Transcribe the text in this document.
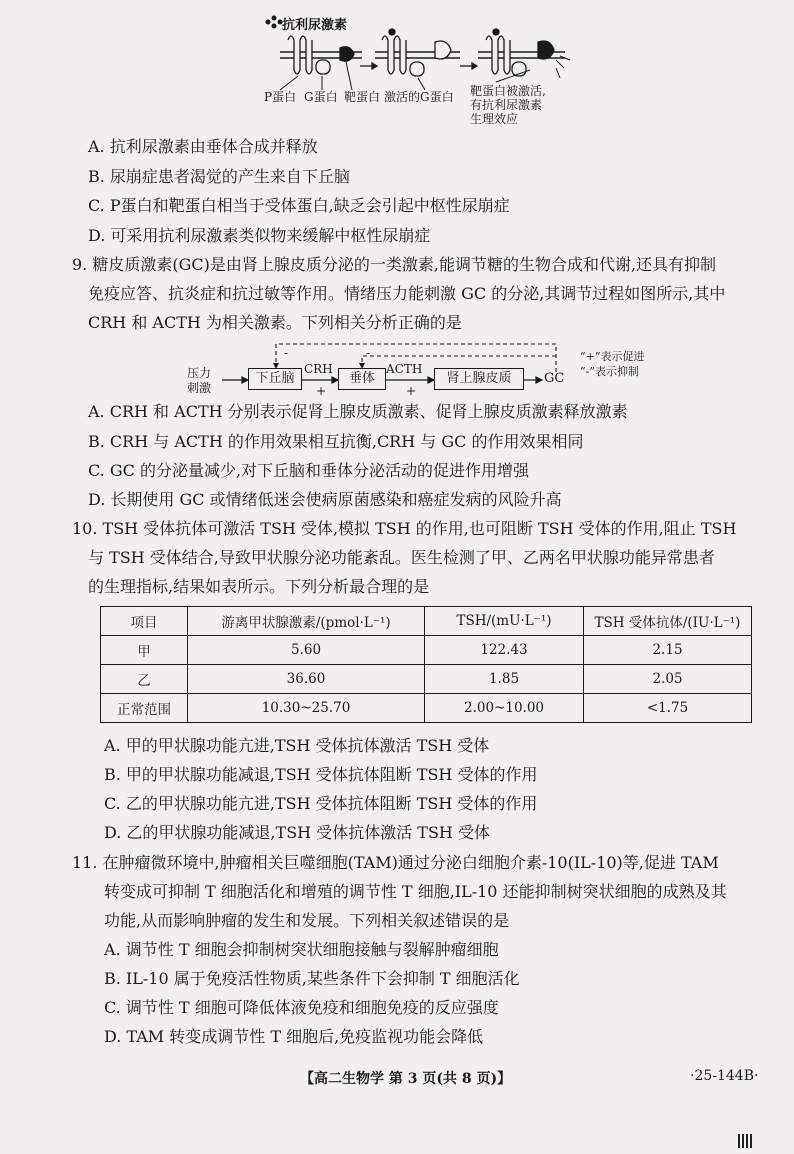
抗利尿激素
P蛋白 G蛋白 靶蛋白 激活的G蛋白 靶蛋白被激活,
有抗利尿激素
生理效应
A. 抗利尿激素由垂体合成并释放
B. 尿崩症患者渴觉的产生来自下丘脑
C. P蛋白和靶蛋白相当于受体蛋白,缺乏会引起中枢性尿崩症
D. 可采用抗利尿激素类似物来缓解中枢性尿崩症
9. 糖皮质激素(GC)是由肾上腺皮质分泌的一类激素,能调节糖的生物合成和代谢,还具有抑制
免疫应答、抗炎症和抗过敏等作用。情绪压力能刺激 GC 的分泌,其调节过程如图所示,其中
CRH 和 ACTH 为相关激素。下列相关分析正确的是
压力
刺激
下丘脑	垂体	肾上腺皮质	GC
CRH	ACTH
+	+
-	-	“+”表示促进
“-”表示抑制
A. CRH 和 ACTH 分别表示促肾上腺皮质激素、促肾上腺皮质激素释放激素
B. CRH 与 ACTH 的作用效果相互抗衡,CRH 与 GC 的作用效果相同
C. GC 的分泌量减少,对下丘脑和垂体分泌活动的促进作用增强
D. 长期使用 GC 或情绪低迷会使病原菌感染和癌症发病的风险升高
10. TSH 受体抗体可激活 TSH 受体,模拟 TSH 的作用,也可阻断 TSH 受体的作用,阻止 TSH
与 TSH 受体结合,导致甲状腺分泌功能紊乱。医生检测了甲、乙两名甲状腺功能异常患者
的生理指标,结果如表所示。下列分析最合理的是
项目	游离甲状腺激素/(pmol·L⁻¹)	TSH/(mU·L⁻¹)	TSH 受体抗体/(IU·L⁻¹)
甲	5.60	122.43	2.15
乙	36.60	1.85	2.05
正常范围	10.30~25.70	2.00~10.00	<1.75
A. 甲的甲状腺功能亢进,TSH 受体抗体激活 TSH 受体
B. 甲的甲状腺功能减退,TSH 受体抗体阻断 TSH 受体的作用
C. 乙的甲状腺功能亢进,TSH 受体抗体阻断 TSH 受体的作用
D. 乙的甲状腺功能减退,TSH 受体抗体激活 TSH 受体
11. 在肿瘤微环境中,肿瘤相关巨噬细胞(TAM)通过分泌白细胞介素-10(IL-10)等,促进 TAM
转变成可抑制 T 细胞活化和增殖的调节性 T 细胞,IL-10 还能抑制树突状细胞的成熟及其
功能,从而影响肿瘤的发生和发展。下列相关叙述错误的是
A. 调节性 T 细胞会抑制树突状细胞接触与裂解肿瘤细胞
B. IL-10 属于免疫活性物质,某些条件下会抑制 T 细胞活化
C. 调节性 T 细胞可降低体液免疫和细胞免疫的反应强度
D. TAM 转变成调节性 T 细胞后,免疫监视功能会降低
【高二生物学 第 3 页(共 8 页)】	·25-144B·
